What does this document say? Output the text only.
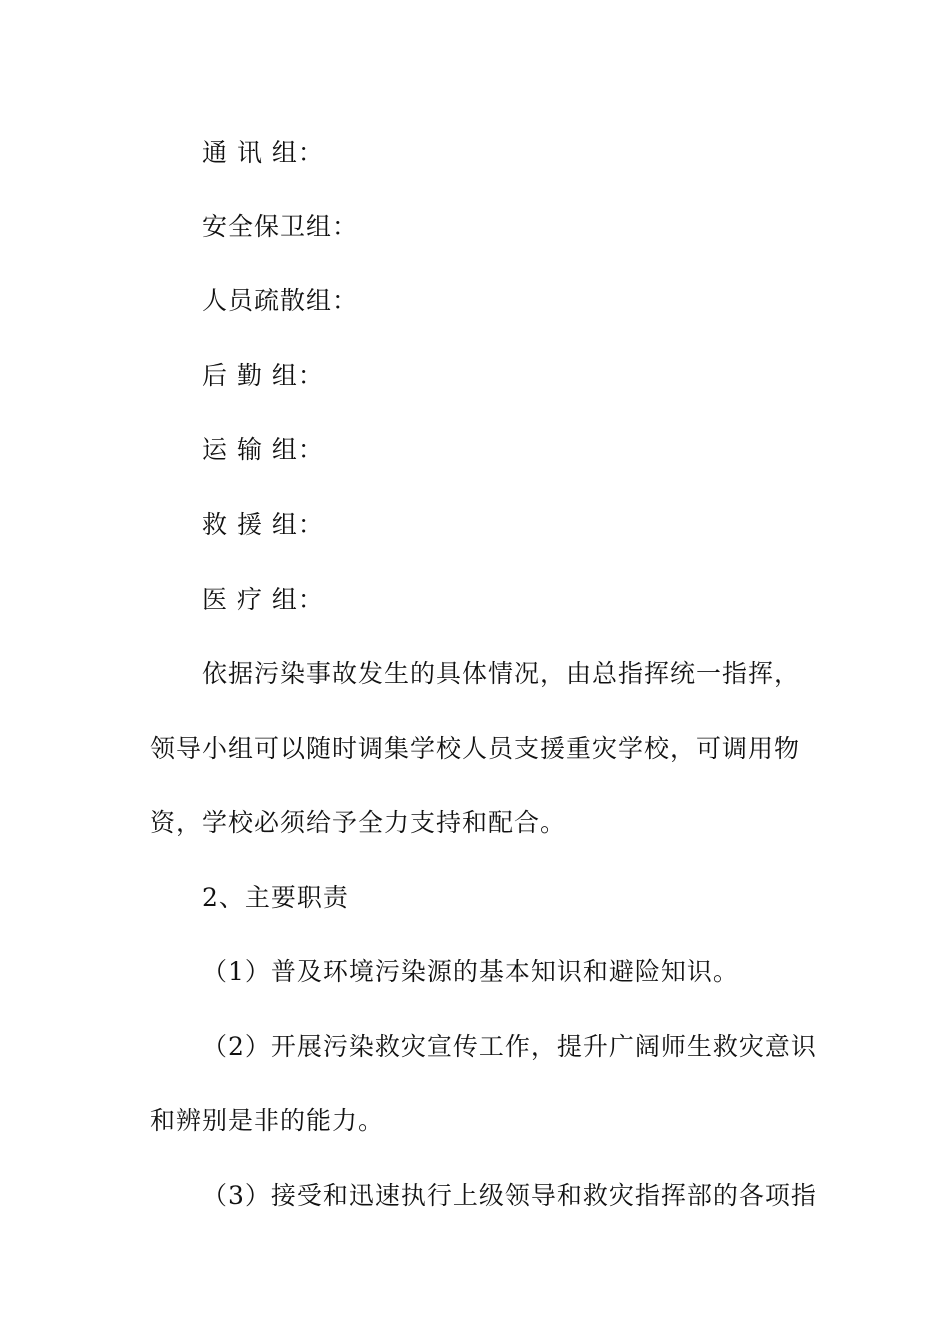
通 讯 组：
安全保卫组：
人员疏散组：
后 勤 组：
运 输 组：
救 援 组：
医 疗 组：
依据污染事故发生的具体情况，由总指挥统一指挥，
领导小组可以随时调集学校人员支援重灾学校，可调用物
资，学校必须给予全力支持和配合。
2、主要职责
（1）普及环境污染源的基本知识和避险知识。
（2）开展污染救灾宣传工作，提升广阔师生救灾意识
和辨别是非的能力。
（3）接受和迅速执行上级领导和救灾指挥部的各项指
